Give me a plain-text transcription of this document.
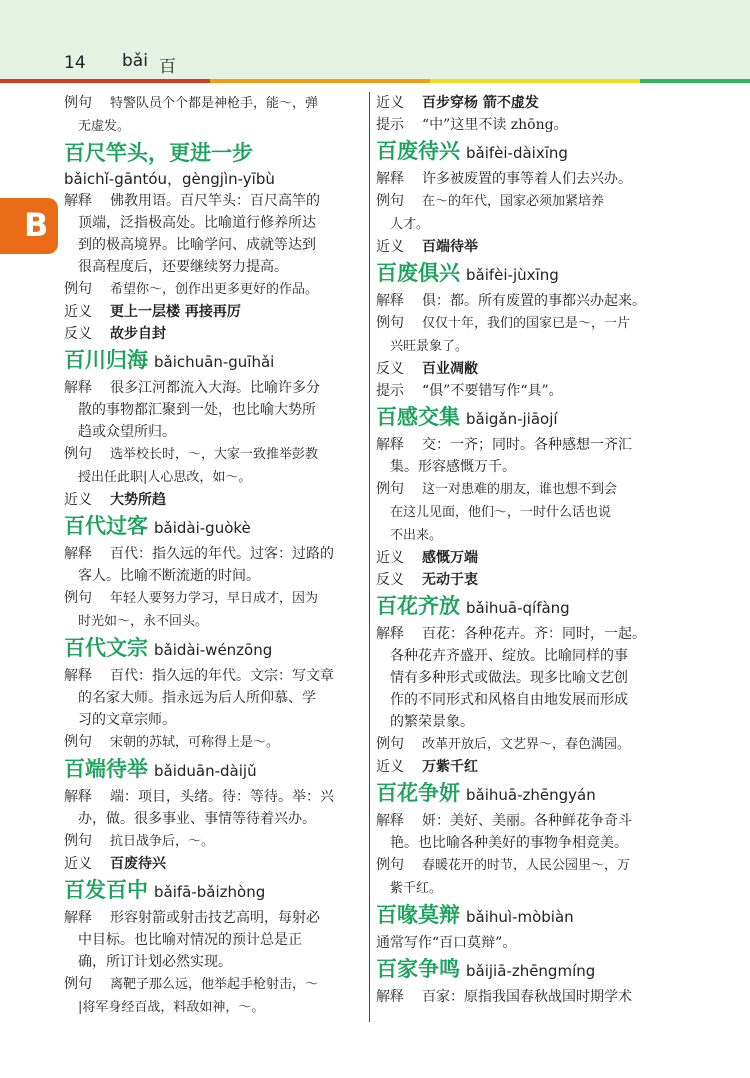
14 bǎi 百
B
例句 特警队员个个都是神枪手，能～，弹
无虚发。
百尺竿头，更进一步
bǎichǐ-gāntóu，gèngjìn-yībù
解释 佛教用语。百尺竿头：百尺高竿的
顶端，泛指极高处。比喻道行修养所达
到的极高境界。比喻学问、成就等达到
很高程度后，还要继续努力提高。
例句 希望你～，创作出更多更好的作品。
近义 更上一层楼 再接再厉
反义 故步自封
百川归海 bǎichuān-guīhǎi
解释 很多江河都流入大海。比喻许多分
散的事物都汇聚到一处，也比喻大势所
趋或众望所归。
例句 选举校长时，～，大家一致推举彭教
授出任此职|人心思改，如～。
近义 大势所趋
百代过客 bǎidài-guòkè
解释 百代：指久远的年代。过客：过路的
客人。比喻不断流逝的时间。
例句 年轻人要努力学习，早日成才，因为
时光如～，永不回头。
百代文宗 bǎidài-wénzōng
解释 百代：指久远的年代。文宗：写文章
的名家大师。指永远为后人所仰慕、学
习的文章宗师。
例句 宋朝的苏轼，可称得上是～。
百端待举 bǎiduān-dàijǔ
解释 端：项目，头绪。待：等待。举：兴
办，做。很多事业、事情等待着兴办。
例句 抗日战争后，～。
近义 百废待兴
百发百中 bǎifā-bǎizhòng
解释 形容射箭或射击技艺高明，每射必
中目标。也比喻对情况的预计总是正
确，所订计划必然实现。
例句 离靶子那么远，他举起手枪射击，～
|将军身经百战，料敌如神，～。
近义 百步穿杨 箭不虚发
提示 “中”这里不读 zhōng。
百废待兴 bǎifèi-dàixīng
解释 许多被废置的事等着人们去兴办。
例句 在～的年代，国家必须加紧培养
人才。
近义 百端待举
百废俱兴 bǎifèi-jùxīng
解释 俱：都。所有废置的事都兴办起来。
例句 仅仅十年，我们的国家已是～，一片
兴旺景象了。
反义 百业凋敝
提示 “俱”不要错写作“具”。
百感交集 bǎigǎn-jiāojí
解释 交：一齐；同时。各种感想一齐汇
集。形容感慨万千。
例句 这一对患难的朋友，谁也想不到会
在这儿见面，他们～，一时什么话也说
不出来。
近义 感慨万端
反义 无动于衷
百花齐放 bǎihuā-qífàng
解释 百花：各种花卉。齐：同时，一起。
各种花卉齐盛开、绽放。比喻同样的事
情有多种形式或做法。现多比喻文艺创
作的不同形式和风格自由地发展而形成
的繁荣景象。
例句 改革开放后，文艺界～，春色满园。
近义 万紫千红
百花争妍 bǎihuā-zhēngyán
解释 妍：美好、美丽。各种鲜花争奇斗
艳。也比喻各种美好的事物争相竞美。
例句 春暖花开的时节，人民公园里～，万
紫千红。
百喙莫辩 bǎihuì-mòbiàn
通常写作“百口莫辩”。
百家争鸣 bǎijiā-zhēngmíng
解释 百家：原指我国春秋战国时期学术
